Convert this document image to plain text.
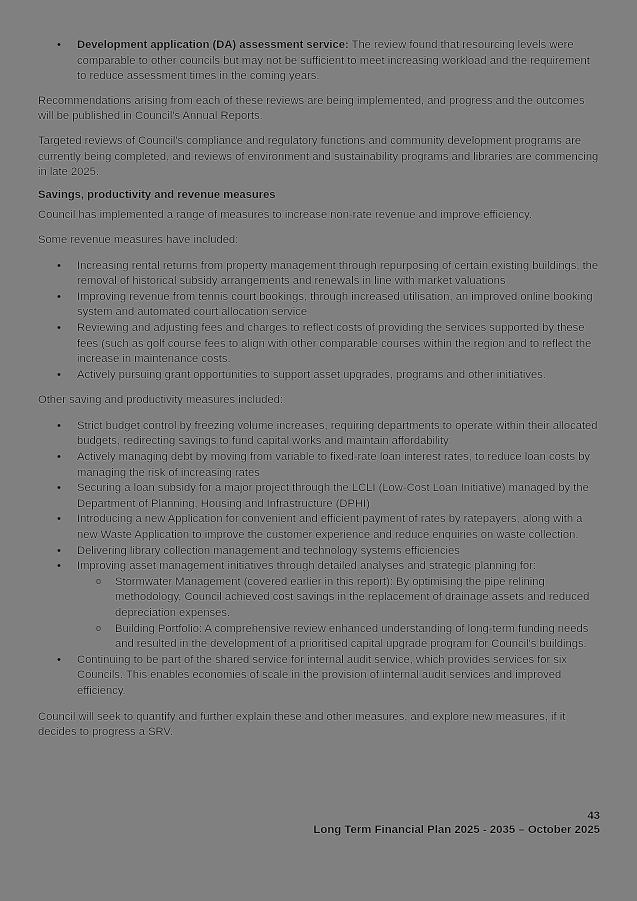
• Development application (DA) assessment service: The review found that resourcing levels were comparable to other councils but may not be sufficient to meet increasing workload and the requirement to reduce assessment times in the coming years.

Recommendations arising from each of these reviews are being implemented, and progress and the outcomes will be published in Council's Annual Reports.

Targeted reviews of Council's compliance and regulatory functions and community development programs are currently being completed, and reviews of environment and sustainability programs and libraries are commencing in late 2025.

Savings, productivity and revenue measures

Council has implemented a range of measures to increase non-rate revenue and improve efficiency.

Some revenue measures have included:

• Increasing rental returns from property management through repurposing of certain existing buildings, the removal of historical subsidy arrangements and renewals in line with market valuations
• Improving revenue from tennis court bookings, through increased utilisation, an improved online booking system and automated court allocation service
• Reviewing and adjusting fees and charges to reflect costs of providing the services supported by these fees (such as golf course fees to align with other comparable courses within the region and to reflect the increase in maintenance costs.
• Actively pursuing grant opportunities to support asset upgrades, programs and other initiatives.

Other saving and productivity measures included:

• Strict budget control by freezing volume increases, requiring departments to operate within their allocated budgets, redirecting savings to fund capital works and maintain affordability
• Actively managing debt by moving from variable to fixed-rate loan interest rates, to reduce loan costs by managing the risk of increasing rates
• Securing a loan subsidy for a major project through the LCLI (Low-Cost Loan Initiative) managed by the Department of Planning, Housing and Infrastructure (DPHI)
• Introducing a new Application for convenient and efficient payment of rates by ratepayers, along with a new Waste Application to improve the customer experience and reduce enquiries on waste collection.
• Delivering library collection management and technology systems efficiencies
• Improving asset management initiatives through detailed analyses and strategic planning for:
o Stormwater Management (covered earlier in this report): By optimising the pipe relining methodology, Council achieved cost savings in the replacement of drainage assets and reduced depreciation expenses.
o Building Portfolio: A comprehensive review enhanced understanding of long-term funding needs and resulted in the development of a prioritised capital upgrade program for Council's buildings.
• Continuing to be part of the shared service for internal audit service, which provides services for six Councils. This enables economies of scale in the provision of internal audit services and improved efficiency.

Council will seek to quantify and further explain these and other measures, and explore new measures, if it decides to progress a SRV.

43
Long Term Financial Plan 2025 - 2035 – October 2025
